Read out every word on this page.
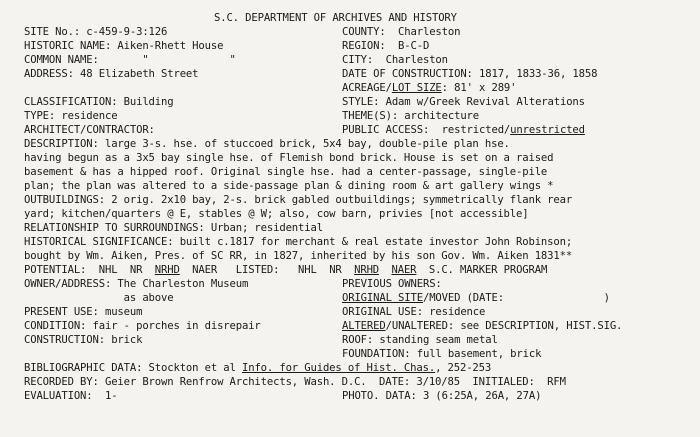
S.C. DEPARTMENT OF ARCHIVES AND HISTORY
SITE No.: c-459-9-3:126
HISTORIC NAME: Aiken-Rhett House
COMMON NAME:       "             "
ADDRESS: 48 Elizabeth Street
CLASSIFICATION: Building
TYPE: residence
ARCHITECT/CONTRACTOR:
COUNTY:  Charleston
REGION:  B-C-D
CITY:  Charleston
DATE OF CONSTRUCTION: 1817, 1833-36, 1858
ACREAGE/LOT SIZE: 81' x 289'
STYLE: Adam w/Greek Revival Alterations
THEME(S): architecture
PUBLIC ACCESS:  restricted/unrestricted
DESCRIPTION: large 3-s. hse. of stuccoed brick, 5x4 bay, double-pile plan hse.
having begun as a 3x5 bay single hse. of Flemish bond brick. House is set on a raised
basement & has a hipped roof. Original single hse. had a center-passage, single-pile
plan; the plan was altered to a side-passage plan & dining room & art gallery wings *
OUTBUILDINGS: 2 orig. 2x10 bay, 2-s. brick gabled outbuildings; symmetrically flank rear
yard; kitchen/quarters @ E, stables @ W; also, cow barn, privies [not accessible]
RELATIONSHIP TO SURROUNDINGS: Urban; residential
HISTORICAL SIGNIFICANCE: built c.1817 for merchant & real estate investor John Robinson;
bought by Wm. Aiken, Pres. of SC RR, in 1827, inherited by his son Gov. Wm. Aiken 1831**
POTENTIAL:  NHL  NR  NRHD  NAER   LISTED:   NHL  NR  NRHD NAER  S.C. MARKER PROGRAM
OWNER/ADDRESS: The Charleston Museum
as above
PRESENT USE: museum
CONDITION: fair - porches in disrepair
CONSTRUCTION: brick
PREVIOUS OWNERS:
ORIGINAL SITE/MOVED (DATE:                )
ORIGINAL USE: residence
ALTERED/UNALTERED: see DESCRIPTION, HIST.SIG.
ROOF: standing seam metal
FOUNDATION: full basement, brick
BIBLIOGRAPHIC DATA: Stockton et al Info. for Guides of Hist. Chas., 252-253
RECORDED BY: Geier Brown Renfrow Architects, Wash. D.C.  DATE: 3/10/85  INITIALED:  RFM
EVALUATION:  1-	PHOTO. DATA: 3 (6:25A, 26A, 27A)
